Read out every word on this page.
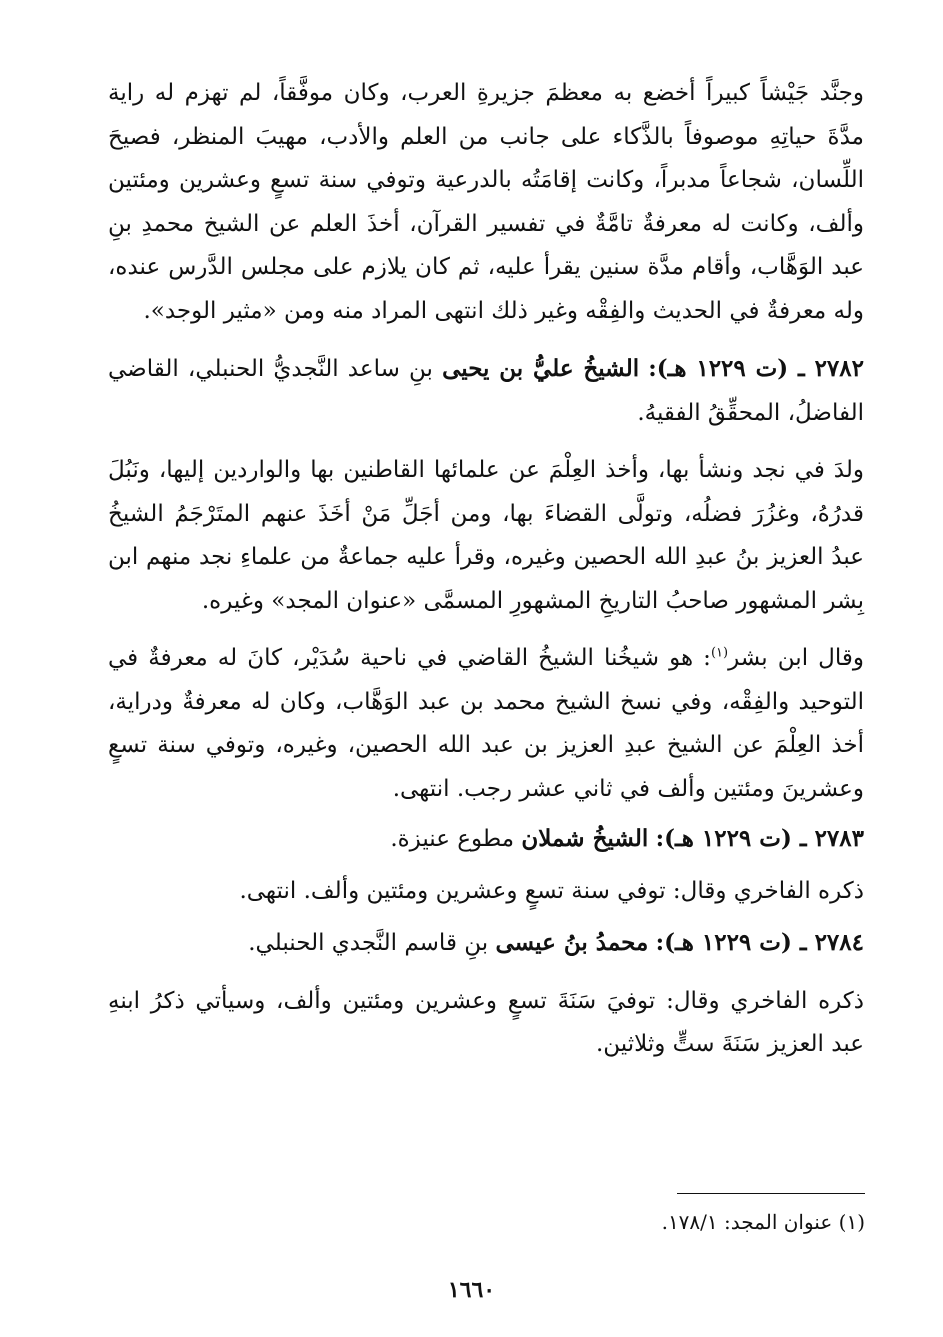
وجنَّد جَيْشاً كبيراً أخضع به معظمَ جزيرةِ العرب، وكان موفَّقاً، لم تهزم له راية مدَّةَ حياتِهِ موصوفاً بالذَّكاء على جانب من العلم والأدب، مهيبَ المنظر، فصيحَ اللِّسان، شجاعاً مدبراً، وكانت إقامَتُه بالدرعية وتوفي سنة تسعٍ وعشرين ومئتين وألف، وكانت له معرفةٌ تامَّةٌ في تفسير القرآن، أخذَ العلم عن الشيخ محمدِ بنِ عبد الوَهَّاب، وأقام مدَّة سنين يقرأ عليه، ثم كان يلازم على مجلس الدَّرس عنده، وله معرفةٌ في الحديث والفِقْه وغير ذلك انتهى المراد منه ومن «مثير الوجد».

٢٧٨٢ ـ (ت ١٢٢٩ هـ): الشيخُ عليُّ بن يحيى بنِ ساعد النَّجديُّ الحنبلي، القاضي الفاضلُ، المحقِّقُ الفقيهُ.

ولدَ في نجد ونشأ بها، وأخذ العِلْمَ عن علمائها القاطنين بها والواردين إليها، ونَبُلَ قدرُهُ، وغزُرَ فضلُه، وتولَّى القضاءَ بها، ومن أجَلِّ مَنْ أخَذَ عنهم المتَرْجَمُ الشيخُ عبدُ العزيز بنُ عبدِ الله الحصين وغيره، وقرأ عليه جماعةٌ من علماءِ نجد منهم ابن بِشر المشهور صاحبُ التاريخِ المشهورِ المسمَّى «عنوان المجد» وغيره.

وقال ابن بشر$^{(١)}$: هو شيخُنا الشيخُ القاضي في ناحية سُدَيْر، كانَ له معرفةٌ في التوحيد والفِقْه، وفي نسخ الشيخ محمد بن عبد الوَهَّاب، وكان له معرفةٌ ودراية، أخذ العِلْمَ عن الشيخ عبدِ العزيز بن عبد الله الحصين، وغيره، وتوفي سنة تسعٍ وعشرينَ ومئتين وألف في ثاني عشر رجب. انتهى.

٢٧٨٣ ـ (ت ١٢٢٩ هـ): الشيخُ شملان مطوع عنيزة.

ذكره الفاخري وقال: توفي سنة تسعٍ وعشرين ومئتين وألف. انتهى.

٢٧٨٤ ـ (ت ١٢٢٩ هـ): محمدُ بنُ عيسى بنِ قاسم النَّجدي الحنبلي.

ذكره الفاخري وقال: توفيَ سَنَةَ تسعٍ وعشرين ومئتين وألف، وسيأتي ذكرُ ابنهِ عبد العزيز سَنَةَ ستٍّ وثلاثين.

(١) عنوان المجد: ١٧٨/١.
١٦٦٠
